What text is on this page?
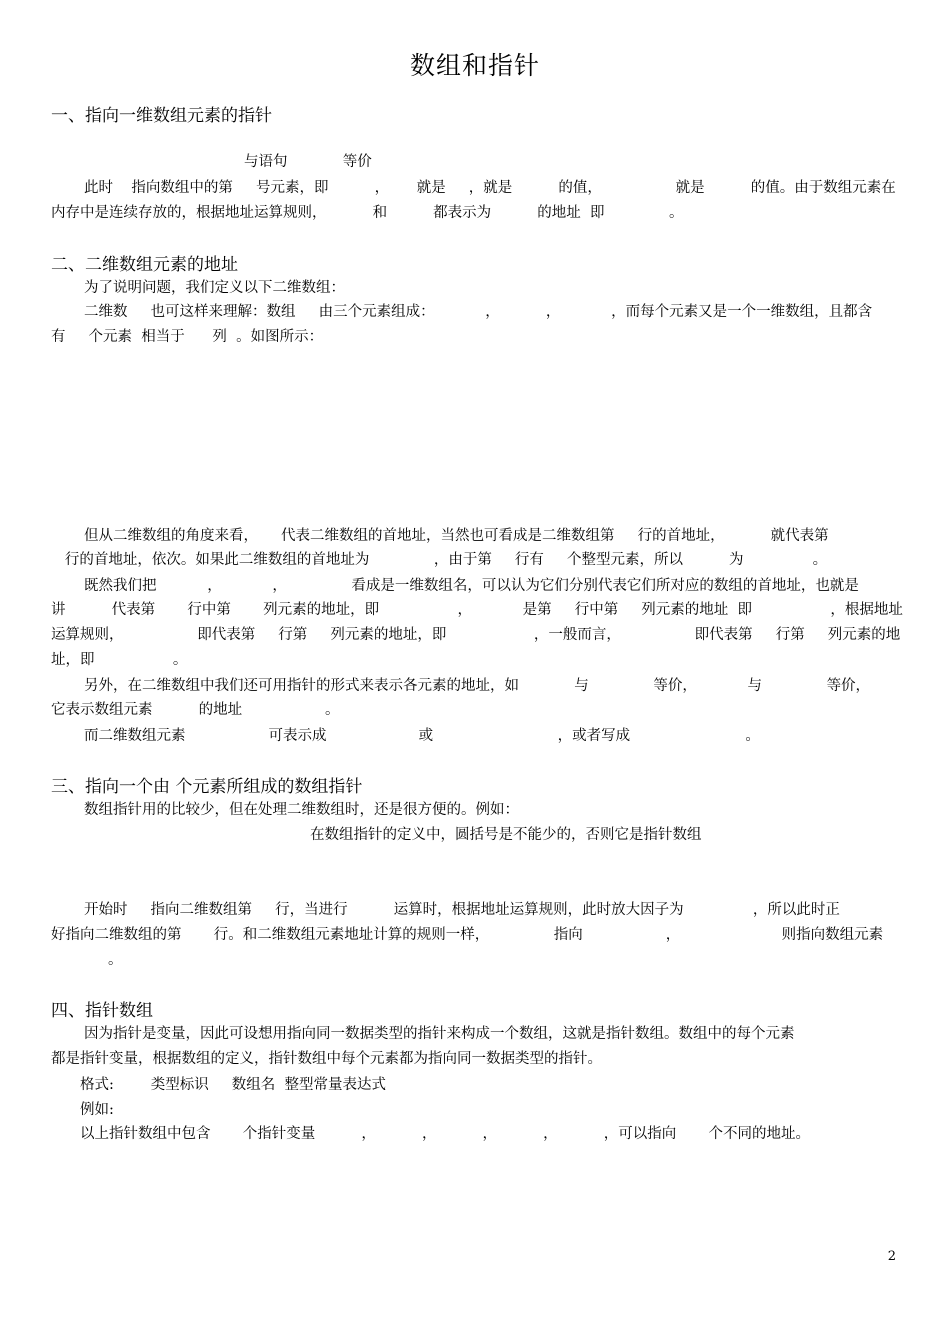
数组和指针
一、指向一维数组元素的指针
与语句            等价
此时    指向数组中的第     号元素，即          ，      就是     ，就是          的值，                就是          的值。由于数组元素在
内存中是连续存放的，根据地址运算规则，          和          都表示为          的地址  即              。
二、二维数组元素的地址
为了说明问题，我们定义以下二维数组：
二维数     也可这样来理解：数组     由三个元素组成：           ，          ，           ，而每个元素又是一个一维数组，且都含
有     个元素  相当于      列  。如图所示：
但从二维数组的角度来看，     代表二维数组的首地址，当然也可看成是二维数组第     行的首地址，          就代表第
行的首地址，依次。如果此二维数组的首地址为              ，由于第     行有     个整型元素，所以          为               。
既然我们把           ，           ，              看成是一维数组名，可以认为它们分别代表它们所对应的数组的首地址，也就是
讲          代表第       行中第       列元素的地址，即                 ，           是第     行中第     列元素的地址  即                 ，根据地址
运算规则，                即代表第     行第     列元素的地址，即                   ，一般而言，                即代表第     行第     列元素的地
址，即                 。
另外，在二维数组中我们还可用指针的形式来表示各元素的地址，如            与              等价，           与              等价，
它表示数组元素          的地址                  。
而二维数组元素                  可表示成                    或                           ，或者写成                         。
三、指向一个由 个元素所组成的数组指针
数组指针用的比较少，但在处理二维数组时，还是很方便的。例如：
在数组指针的定义中，圆括号是不能少的，否则它是指针数组
开始时     指向二维数组第     行，当进行          运算时，根据地址运算规则，此时放大因子为               ，所以此时正
好指向二维数组的第       行。和二维数组元素地址计算的规则一样，              指向                  ，                      则指向数组元素
。
四、指针数组
因为指针是变量，因此可设想用指向同一数据类型的指针来构成一个数组，这就是指针数组。数组中的每个元素
都是指针变量，根据数组的定义，指针数组中每个元素都为指向同一数据类型的指针。
格式:        类型标识     数组名  整型常量表达式
例如:
以上指针数组中包含       个指针变量          ，          ，          ，          ，          ，可以指向       个不同的地址。
2
